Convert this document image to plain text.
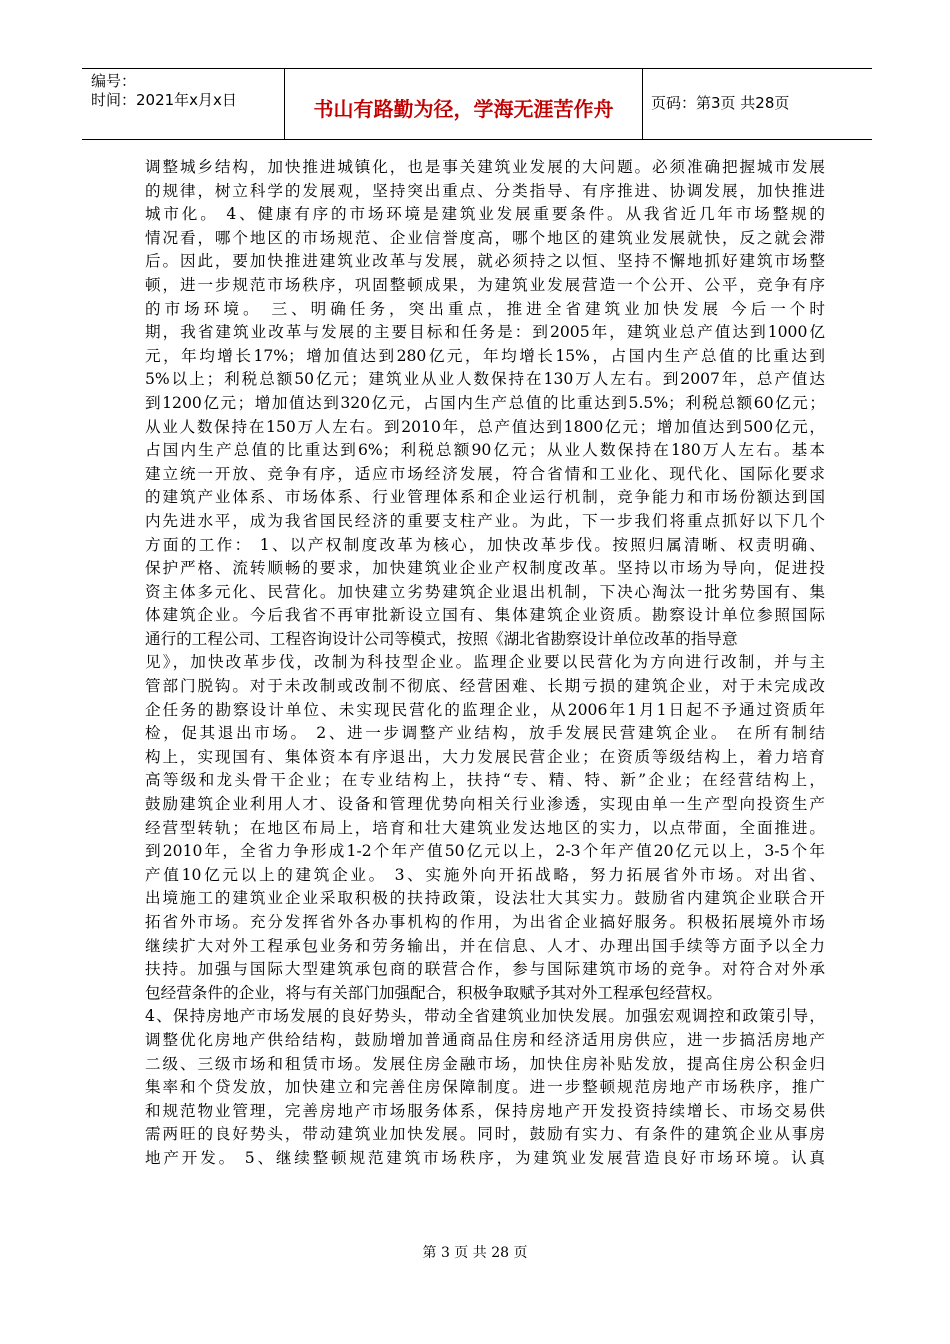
编号：
时间：2021年x月x日	书山有路勤为径，学海无涯苦作舟	页码：第3页 共28页
调整城乡结构，加快推进城镇化，也是事关建筑业发展的大问题。必须准确把握城市发展
的规律，树立科学的发展观，坚持突出重点、分类指导、有序推进、协调发展，加快推进
城市化。 4、健康有序的市场环境是建筑业发展重要条件。从我省近几年市场整规的
情况看，哪个地区的市场规范、企业信誉度高，哪个地区的建筑业发展就快，反之就会滞
后。因此，要加快推进建筑业改革与发展，就必须持之以恒、坚持不懈地抓好建筑市场整
顿，进一步规范市场秩序，巩固整顿成果，为建筑业发展营造一个公开、公平，竞争有序
的市场环境。 三、明确任务，突出重点，推进全省建筑业加快发展 今后一个时
期，我省建筑业改革与发展的主要目标和任务是：到2005年，建筑业总产值达到1000亿
元，年均增长17%；增加值达到280亿元，年均增长15%，占国内生产总值的比重达到
5%以上；利税总额50亿元；建筑业从业人数保持在130万人左右。到2007年，总产值达
到1200亿元；增加值达到320亿元，占国内生产总值的比重达到5.5%；利税总额60亿元；
从业人数保持在150万人左右。到2010年，总产值达到1800亿元；增加值达到500亿元，
占国内生产总值的比重达到6%；利税总额90亿元；从业人数保持在180万人左右。基本
建立统一开放、竞争有序，适应市场经济发展，符合省情和工业化、现代化、国际化要求
的建筑产业体系、市场体系、行业管理体系和企业运行机制，竞争能力和市场份额达到国
内先进水平，成为我省国民经济的重要支柱产业。为此，下一步我们将重点抓好以下几个
方面的工作： 1、以产权制度改革为核心，加快改革步伐。按照归属清晰、权责明确、
保护严格、流转顺畅的要求，加快建筑业企业产权制度改革。坚持以市场为导向，促进投
资主体多元化、民营化。加快建立劣势建筑企业退出机制，下决心淘汰一批劣势国有、集
体建筑企业。今后我省不再审批新设立国有、集体建筑企业资质。勘察设计单位参照国际
通行的工程公司、工程咨询设计公司等模式，按照《湖北省勘察设计单位改革的指导意
见》，加快改革步伐，改制为科技型企业。监理企业要以民营化为方向进行改制，并与主
管部门脱钩。对于未改制或改制不彻底、经营困难、长期亏损的建筑企业，对于未完成改
企任务的勘察设计单位、未实现民营化的监理企业，从2006年1月1日起不予通过资质年
检，促其退出市场。 2、进一步调整产业结构，放手发展民营建筑企业。 在所有制结
构上，实现国有、集体资本有序退出，大力发展民营企业；在资质等级结构上，着力培育
高等级和龙头骨干企业；在专业结构上，扶持“专、精、特、新”企业；在经营结构上，
鼓励建筑企业利用人才、设备和管理优势向相关行业渗透，实现由单一生产型向投资生产
经营型转轨；在地区布局上，培育和壮大建筑业发达地区的实力，以点带面，全面推进。
到2010年，全省力争形成1-2个年产值50亿元以上，2-3个年产值20亿元以上，3-5个年
产值10亿元以上的建筑企业。 3、实施外向开拓战略，努力拓展省外市场。对出省、
出境施工的建筑业企业采取积极的扶持政策，设法壮大其实力。鼓励省内建筑企业联合开
拓省外市场。充分发挥省外各办事机构的作用，为出省企业搞好服务。积极拓展境外市场
继续扩大对外工程承包业务和劳务输出，并在信息、人才、办理出国手续等方面予以全力
扶持。加强与国际大型建筑承包商的联营合作，参与国际建筑市场的竞争。对符合对外承
包经营条件的企业，将与有关部门加强配合，积极争取赋予其对外工程承包经营权。
4、保持房地产市场发展的良好势头，带动全省建筑业加快发展。加强宏观调控和政策引导，
调整优化房地产供给结构，鼓励增加普通商品住房和经济适用房供应，进一步搞活房地产
二级、三级市场和租赁市场。发展住房金融市场，加快住房补贴发放，提高住房公积金归
集率和个贷发放，加快建立和完善住房保障制度。进一步整顿规范房地产市场秩序，推广
和规范物业管理，完善房地产市场服务体系，保持房地产开发投资持续增长、市场交易供
需两旺的良好势头，带动建筑业加快发展。同时，鼓励有实力、有条件的建筑企业从事房
地产开发。 5、继续整顿规范建筑市场秩序，为建筑业发展营造良好市场环境。认真
第 3 页 共 28 页
